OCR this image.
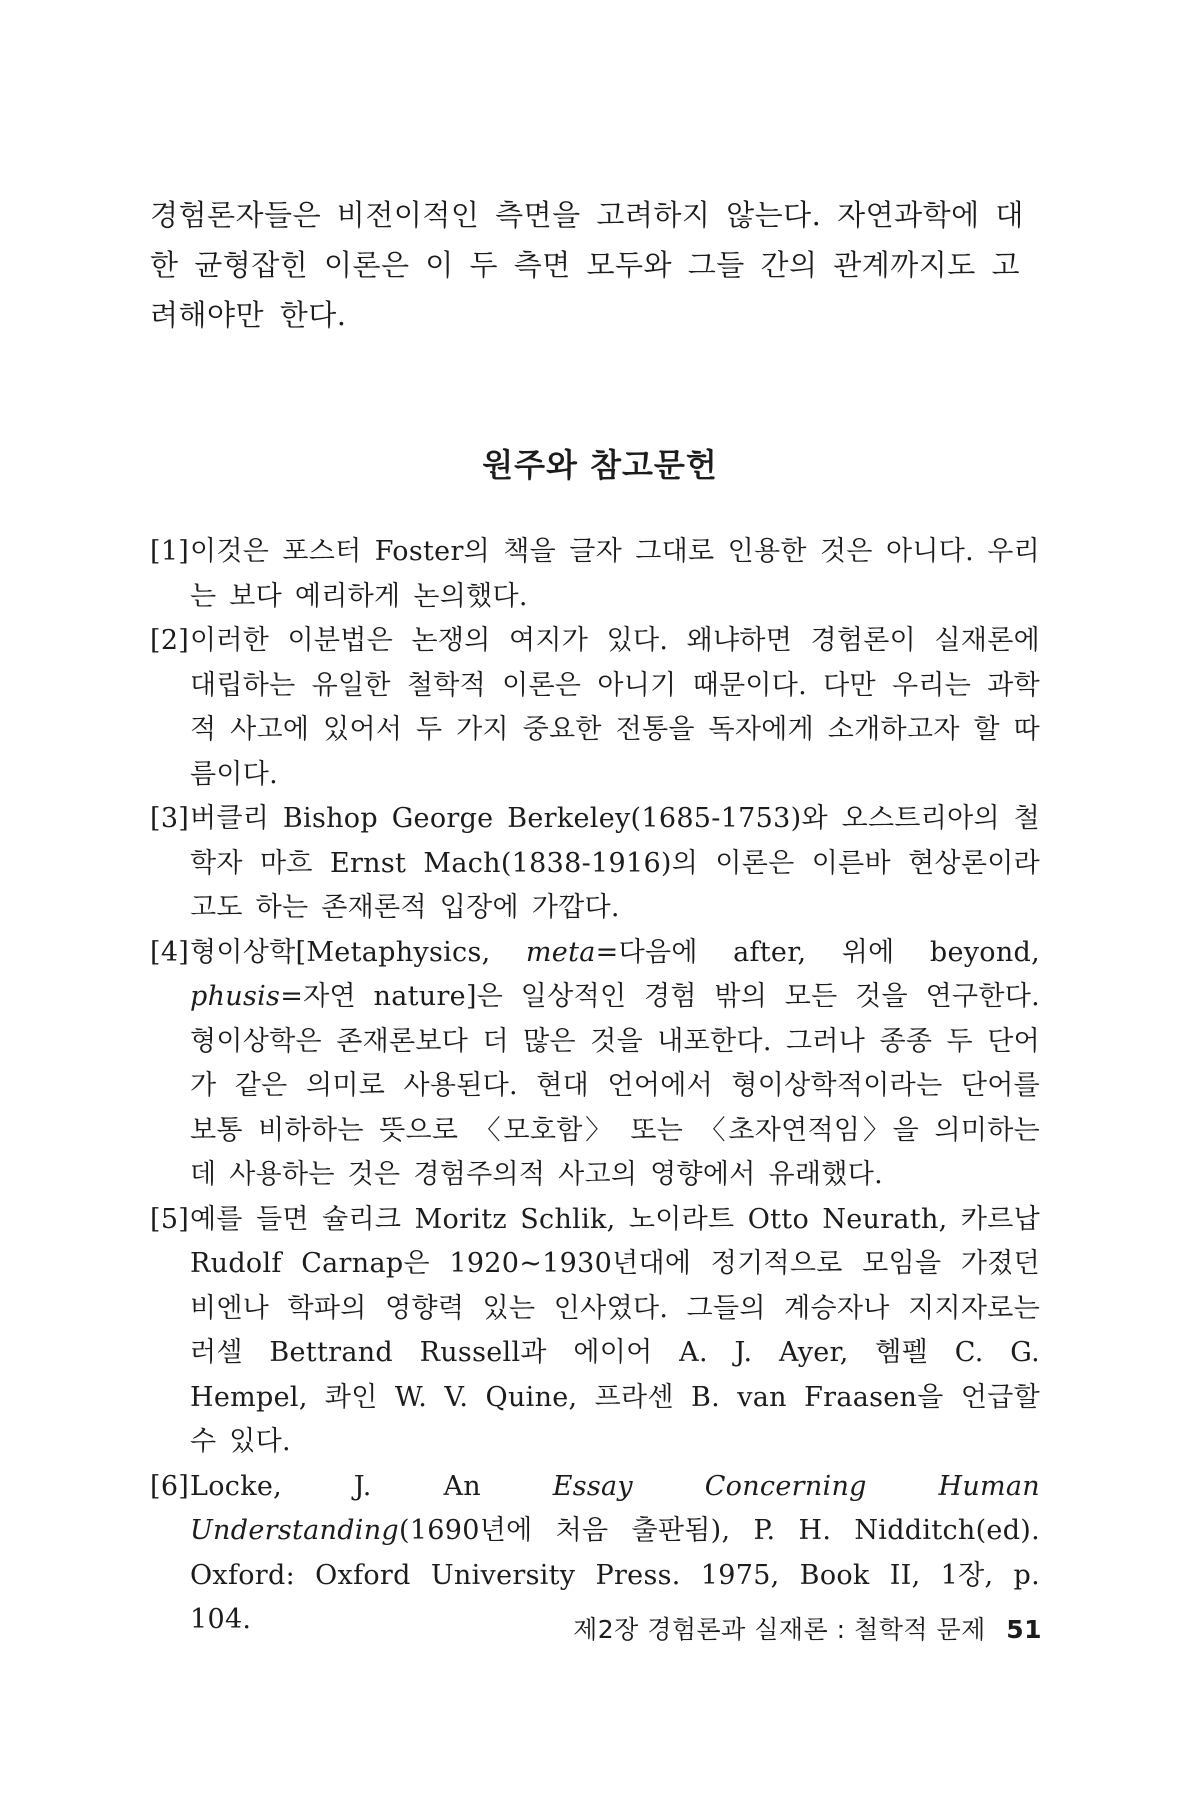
경험론자들은 비전이적인 측면을 고려하지 않는다. 자연과학에 대한 균형잡힌 이론은 이 두 측면 모두와 그들 간의 관계까지도 고려해야만 한다.

원주와 참고문헌
[1] 이것은 포스터 Foster의 책을 글자 그대로 인용한 것은 아니다. 우리는 보다 예리하게 논의했다.
[2] 이러한 이분법은 논쟁의 여지가 있다. 왜냐하면 경험론이 실재론에 대립하는 유일한 철학적 이론은 아니기 때문이다. 다만 우리는 과학적 사고에 있어서 두 가지 중요한 전통을 독자에게 소개하고자 할 따름이다.
[3] 버클리 Bishop George Berkeley(1685-1753)와 오스트리아의 철학자 마흐 Ernst Mach(1838-1916)의 이론은 이른바 현상론이라고도 하는 존재론적 입장에 가깝다.
[4] 형이상학[Metaphysics, meta=다음에 after, 위에 beyond, phusis=자연 nature]은 일상적인 경험 밖의 모든 것을 연구한다. 형이상학은 존재론보다 더 많은 것을 내포한다. 그러나 종종 두 단어가 같은 의미로 사용된다. 현대 언어에서 형이상학적이라는 단어를 보통 비하하는 뜻으로 〈모호함〉 또는 〈초자연적임〉을 의미하는 데 사용하는 것은 경험주의적 사고의 영향에서 유래했다.
[5] 예를 들면 슐리크 Moritz Schlik, 노이라트 Otto Neurath, 카르납 Rudolf Carnap은 1920~1930년대에 정기적으로 모임을 가졌던 비엔나 학파의 영향력 있는 인사였다. 그들의 계승자나 지지자로는 러셀 Bettrand Russell과 에이어 A. J. Ayer, 헴펠 C. G. Hempel, 콰인 W. V. Quine, 프라센 B. van Fraasen을 언급할 수 있다.
[6] Locke, J. An Essay Concerning Human Understanding(1690년에 처음 출판됨), P. H. Nidditch(ed). Oxford: Oxford University Press. 1975, Book II, 1장, p. 104.	제2장 경험론과 실재론 : 철학적 문제 51
